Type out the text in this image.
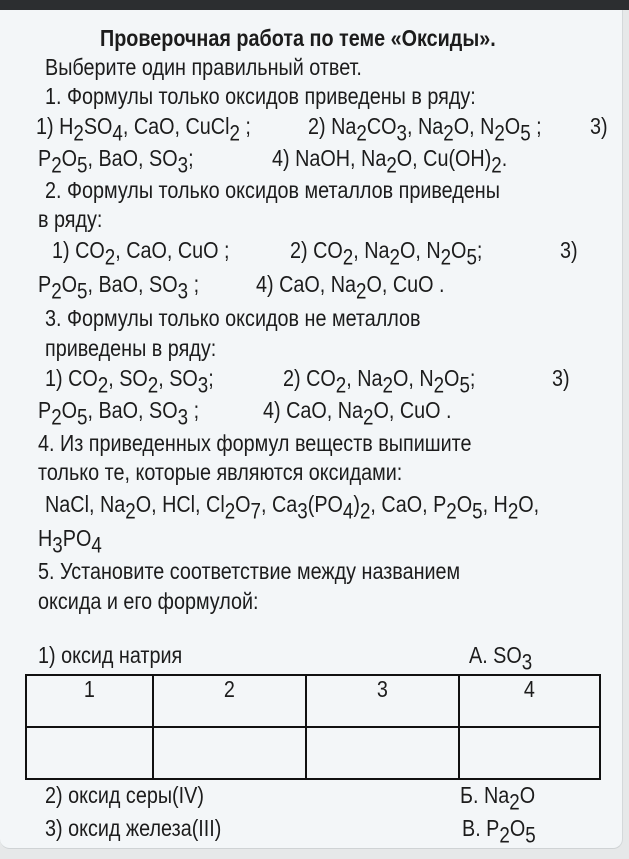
Проверочная работа по теме «Оксиды».
Выберите один правильный ответ.
1. Формулы только оксидов приведены в ряду:
1) $H_2SO_4$, CaO, CuCl$_2$ ; 2) $Na_2CO_3$, $Na_2O$, $N_2O_5$ ; 3)
$P_2O_5$, BaO, $SO_3$;	4) NaOH, $Na_2O$, $Cu(OH)_2$.
2. Формулы только оксидов металлов приведены
в ряду:
1) $CO_2$, CaO, CuO ;	2) $CO_2$, $Na_2O$, $N_2O_5$;	3)
$P_2O_5$, BaO, $SO_3$ ; 4) CaO, $Na_2O$, CuO .
3. Формулы только оксидов не металлов
приведены в ряду:
1) $CO_2$, $SO_2$, $SO_3$;	2) $CO_2$, $Na_2O$, $N_2O_5$;	3)
$P_2O_5$, BaO, $SO_3$ ;	4) CaO, $Na_2O$, CuO .
4. Из приведенных формул веществ выпишите
только те, которые являются оксидами:
NaCl, $Na_2O$, HCl, $Cl_2O_7$, $Ca_3(PO_4)_2$, CaO, $P_2O_5$, $H_2O$,
$H_3PO_4$
5. Установите соответствие между названием
оксида и его формулой:
1) оксид натрия	А. $SO_3$
1	2	3	4

2) оксид серы(IV)	Б. $Na_2O$
3) оксид железа(III)	В. $P_2O_5$
